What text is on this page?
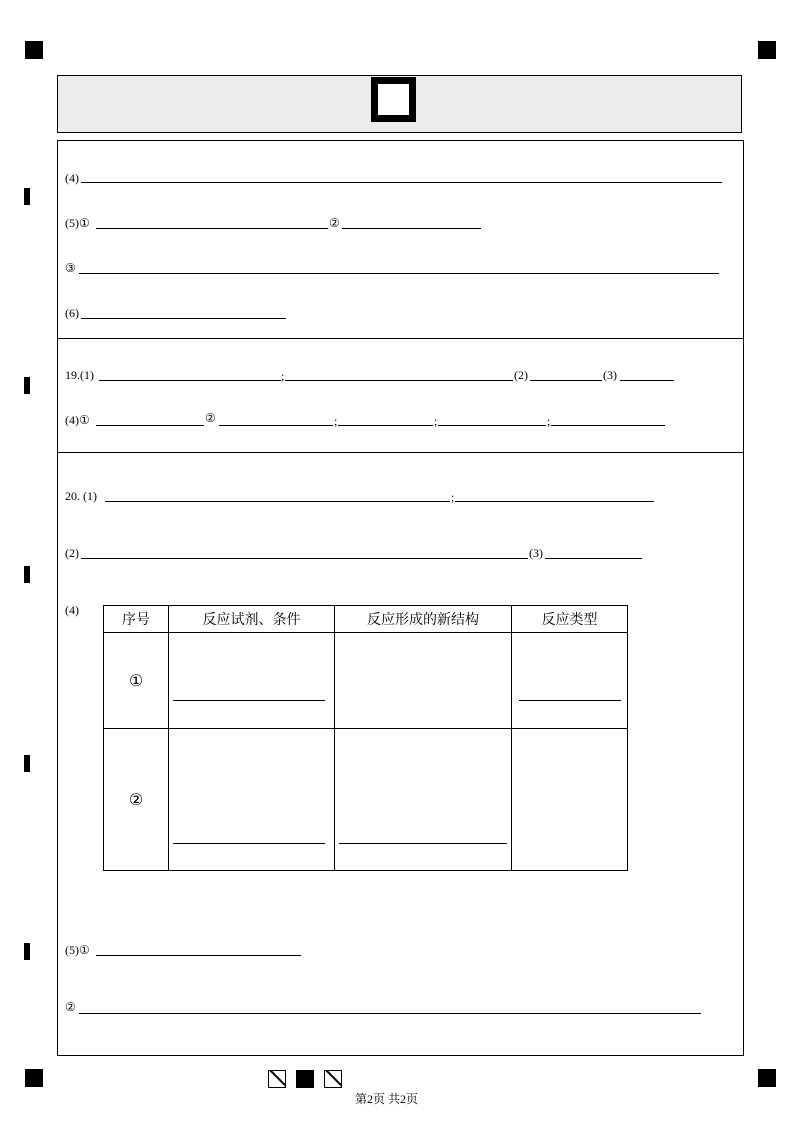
(4)
(5)①	②
③
(6)
19.(1)	;	(2)	(3)
(4)①	②	;	;	;
20. (1)	;
(2)	(3)
(4)
序号	反应试剂、条件	反应形成的新结构	反应类型
①	

②	

(5)①
②
第2页 共2页
